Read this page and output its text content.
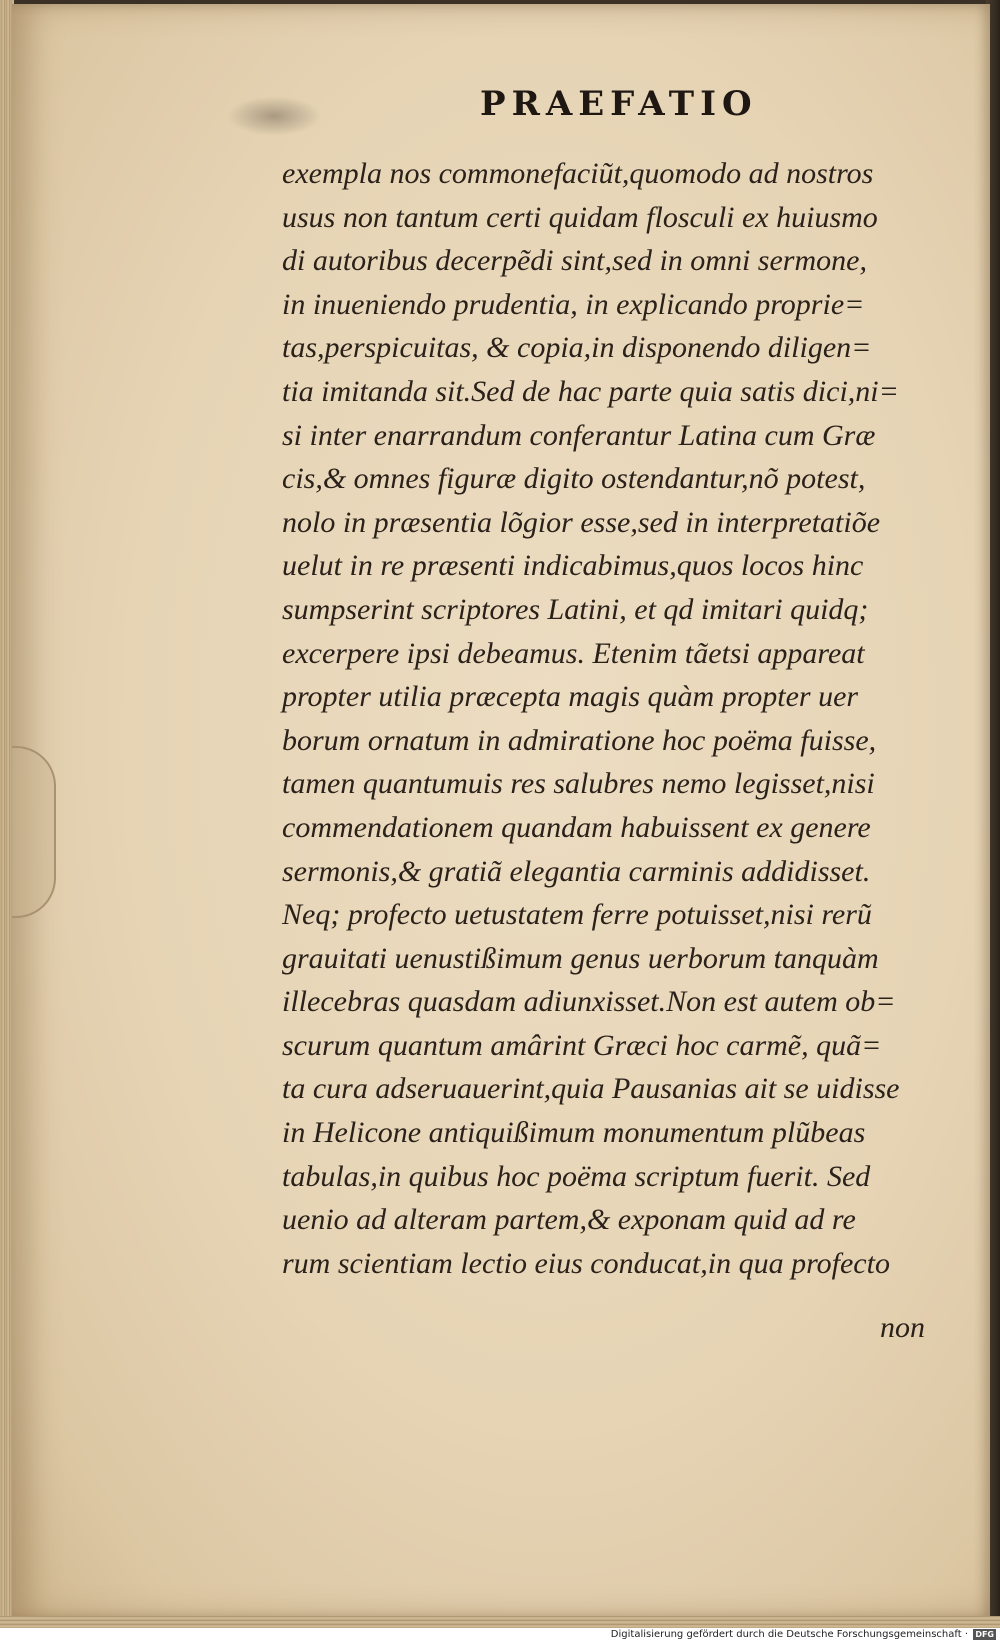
PRAEFATIO
exempla nos commonefaciũt,quomodo ad nostros
usus non tantum certi quidam flosculi ex huiusmo
di autoribus decerpẽdi sint,sed in omni sermone,
in inueniendo prudentia, in explicando propriе=
tas,perspicuitas, & copia,in disponendo diligen=
tia imitanda sit.Sed de hac parte quia satis dici,ni=
si inter enarrandum conferantur Latina cum Græ
cis,& omnes figuræ digito ostendantur,nõ potest,
nolo in præsentia lõgior esse,sed in interpretatiõe
uelut in re præsenti indicabimus,quos locos hinc
sumpserint scriptores Latini, et qd imitari quidq;
excerpere ipsi debeamus. Etenim tãetsi appareat
propter utilia præcepta magis quàm propter uer
borum ornatum in admiratione hoc poëma fuisse,
tamen quantumuis res salubres nemo legisset,nisi
commendationem quandam habuissent ex genere
sermonis,& gratiã elegantia carminis addidisset.
Neq; profecto uetustatem ferre potuisset,nisi rerũ
grauitati uenustißimum genus uerborum tanquàm
illecebras quasdam adiunxisset.Non est autem ob=
scurum quantum amârint Græci hoc carmẽ, quã=
ta cura adseruauerint,quia Pausanias ait se uidisse
in Helicone antiquißimum monumentum plũbeas
tabulas,in quibus hoc poëma scriptum fuerit. Sed
uenio ad alteram partem,& exponam quid ad re
rum scientiam lectio eius conducat,in qua profecto
non
Digitalisierung gefördert durch die Deutsche Forschungsgemeinschaft · DFG
